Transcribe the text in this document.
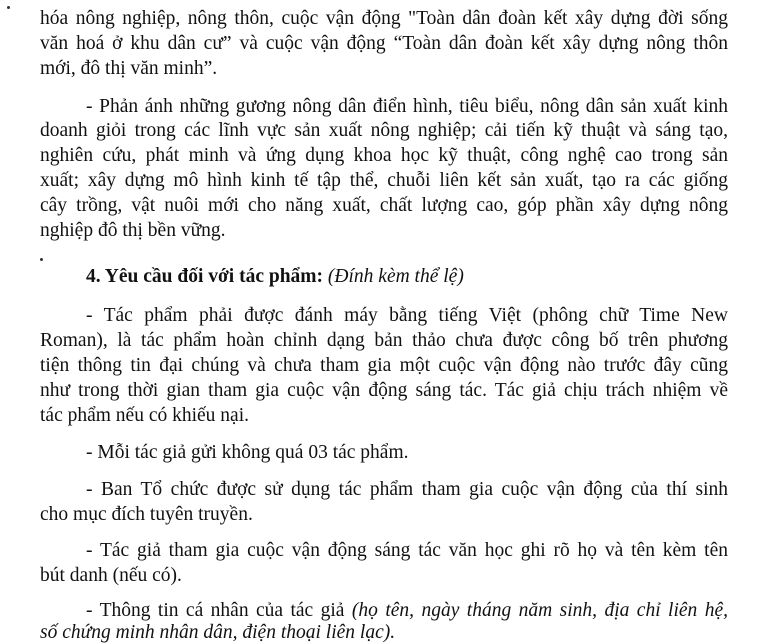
hóa nông nghiệp, nông thôn, cuộc vận động "Toàn dân đoàn kết xây dựng đời sống
văn hoá ở khu dân cư” và cuộc vận động “Toàn dân đoàn kết xây dựng nông thôn
mới, đô thị văn minh”.
- Phản ánh những gương nông dân điển hình, tiêu biểu, nông dân sản xuất kinh
doanh giỏi trong các lĩnh vực sản xuất nông nghiệp; cải tiến kỹ thuật và sáng tạo,
nghiên cứu, phát minh và ứng dụng khoa học kỹ thuật, công nghệ cao trong sản
xuất; xây dựng mô hình kinh tế tập thể, chuỗi liên kết sản xuất, tạo ra các giống
cây trồng, vật nuôi mới cho năng xuất, chất lượng cao, góp phần xây dựng nông
nghiệp đô thị bền vững.
4. Yêu cầu đối với tác phẩm: (Đính kèm thể lệ)
- Tác phẩm phải được đánh máy bằng tiếng Việt (phông chữ Time New
Roman), là tác phẩm hoàn chỉnh dạng bản thảo chưa được công bố trên phương
tiện thông tin đại chúng và chưa tham gia một cuộc vận động nào trước đây cũng
như trong thời gian tham gia cuộc vận động sáng tác. Tác giả chịu trách nhiệm về
tác phẩm nếu có khiếu nại.
- Mỗi tác giả gửi không quá 03 tác phẩm.
- Ban Tổ chức được sử dụng tác phẩm tham gia cuộc vận động của thí sinh
cho mục đích tuyên truyền.
- Tác giả tham gia cuộc vận động sáng tác văn học ghi rõ họ và tên kèm tên
bút danh (nếu có).
- Thông tin cá nhân của tác giả (họ tên, ngày tháng năm sinh, địa chỉ liên hệ,
số chứng minh nhân dân, điện thoại liên lạc).
